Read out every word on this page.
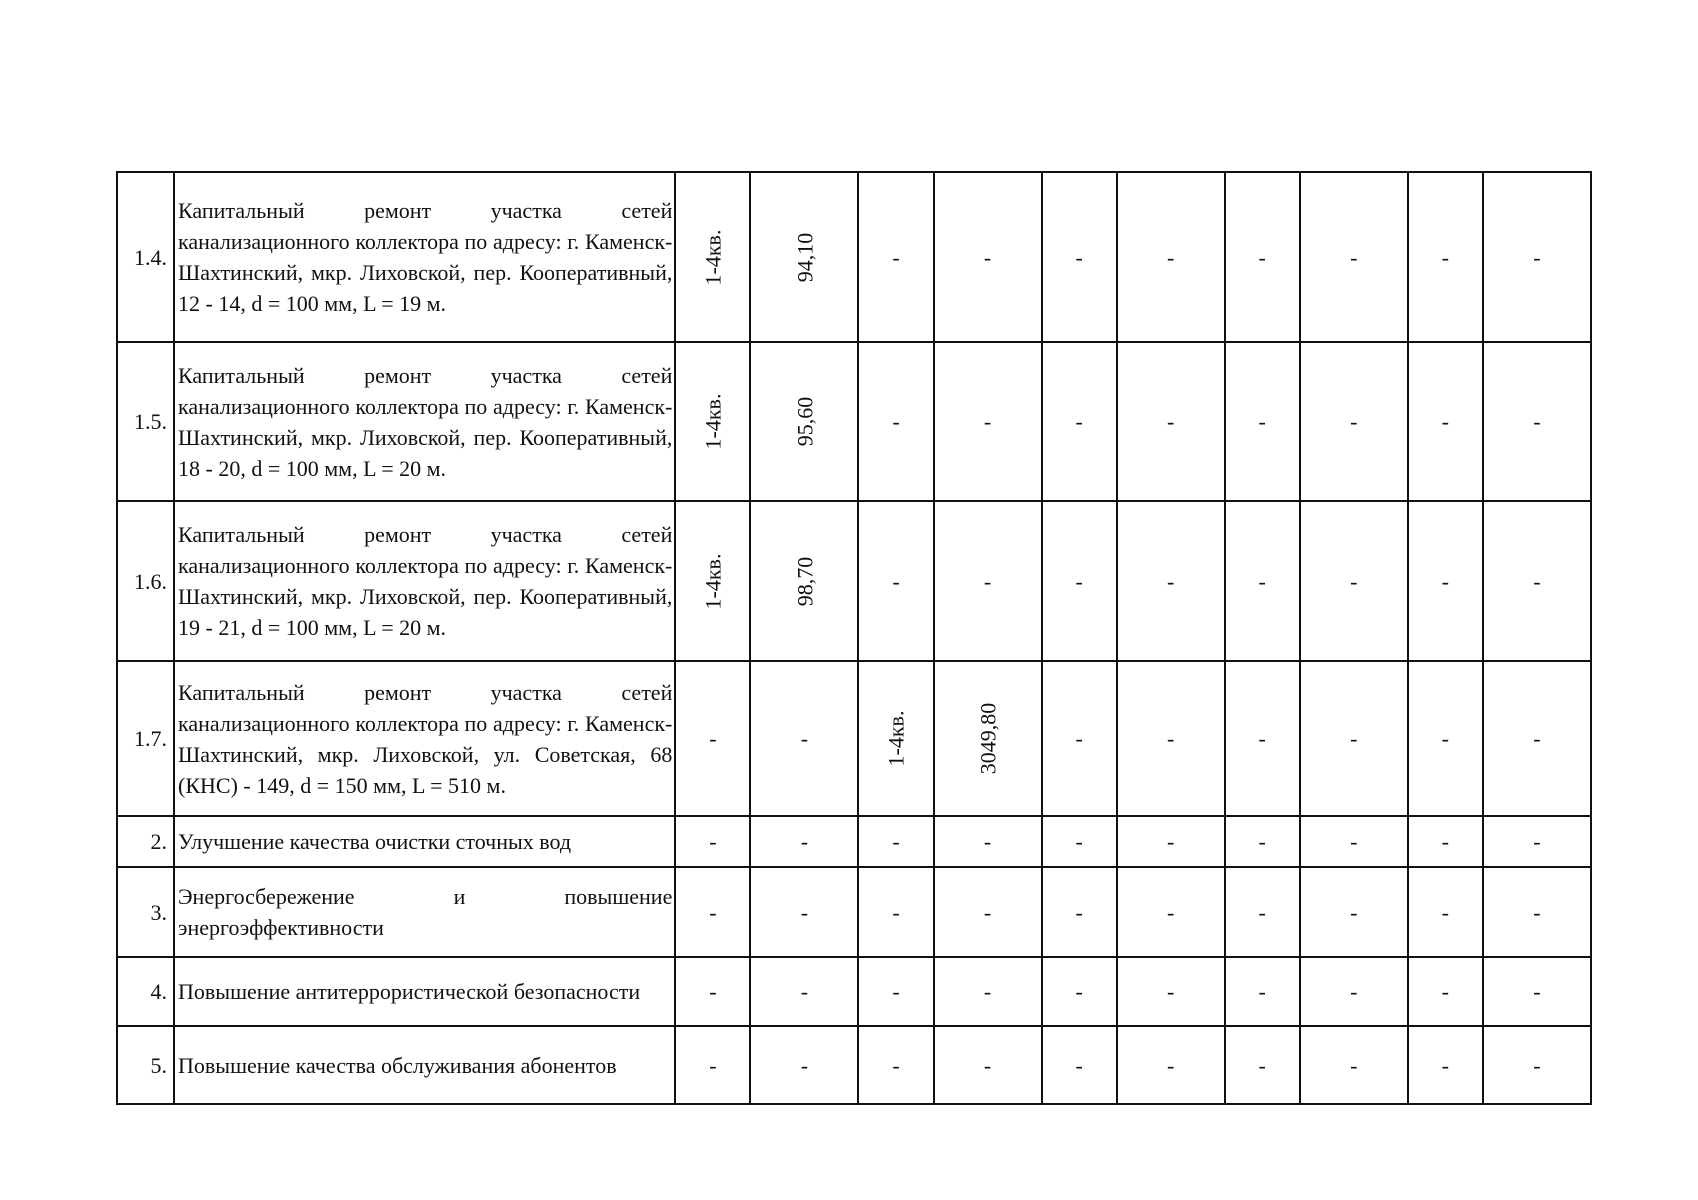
1.4.	Капитальный ремонт участка сетей канализационного коллектора по адресу: г. Каменск-Шахтинский, мкр. Лиховской, пер. Кооперативный, 12 - 14, d = 100 мм, L = 19 м.	1-4кв.	94,10	-	-	-	-	-	-	-	-
1.5.	Капитальный ремонт участка сетей канализационного коллектора по адресу: г. Каменск-Шахтинский, мкр. Лиховской, пер. Кооперативный, 18 - 20, d = 100 мм, L = 20 м.	1-4кв.	95,60	-	-	-	-	-	-	-	-
1.6.	Капитальный ремонт участка сетей канализационного коллектора по адресу: г. Каменск-Шахтинский, мкр. Лиховской, пер. Кооперативный, 19 - 21, d = 100 мм, L = 20 м.	1-4кв.	98,70	-	-	-	-	-	-	-	-
1.7.	Капитальный ремонт участка сетей канализационного коллектора по адресу: г. Каменск-Шахтинский, мкр. Лиховской, ул. Советская, 68 (КНС) - 149, d = 150 мм, L = 510 м.	-	-	1-4кв.	3049,80	-	-	-	-	-	-
2.	Улучшение качества очистки сточных вод	-	-	-	-	-	-	-	-	-	-
3.	Энергосбережение и повышение энергоэффективности	-	-	-	-	-	-	-	-	-	-
4.	Повышение антитеррористической безопасности	-	-	-	-	-	-	-	-	-	-
5.	Повышение качества обслуживания абонентов	-	-	-	-	-	-	-	-	-	-
